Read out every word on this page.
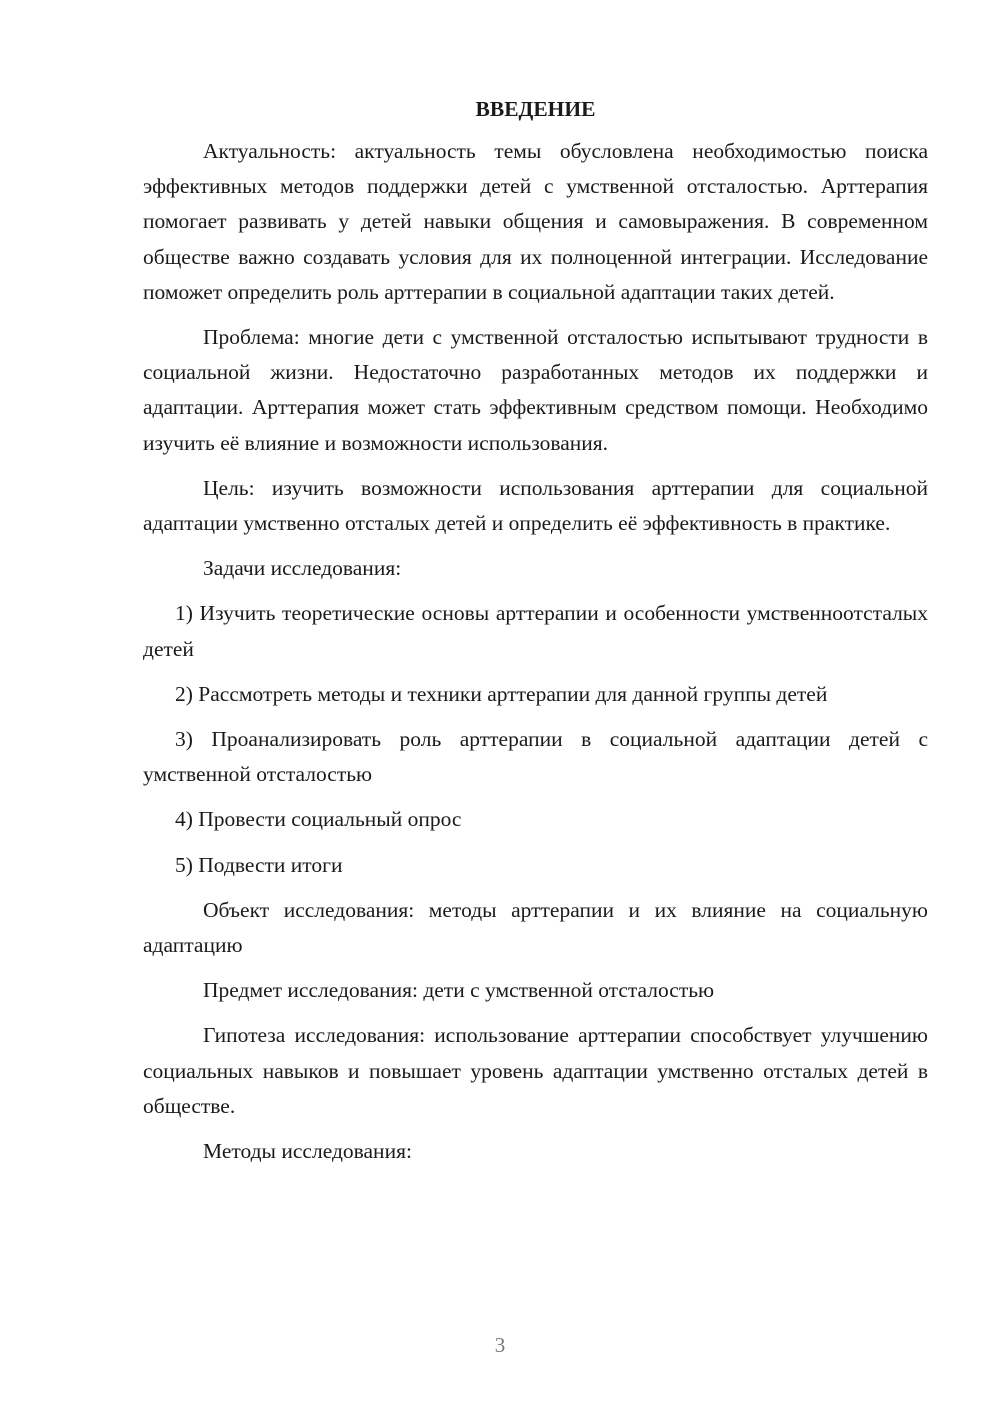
ВВЕДЕНИЕ

Актуальность: актуальность темы обусловлена необходимостью поиска эффективных методов поддержки детей с умственной отсталостью. Арттерапия помогает развивать у детей навыки общения и самовыражения. В современном обществе важно создавать условия для их полноценной интеграции. Исследование поможет определить роль арттерапии в социальной адаптации таких детей.

Проблема: многие дети с умственной отсталостью испытывают трудности в социальной жизни. Недостаточно разработанных методов их поддержки и адаптации. Арттерапия может стать эффективным средством помощи. Необходимо изучить её влияние и возможности использования.

Цель: изучить возможности использования арттерапии для социальной адаптации умственно отсталых детей и определить её эффективность в практике.

Задачи исследования:

1) Изучить теоретические основы арттерапии и особенности умственноотсталых детей

2) Рассмотреть методы и техники арттерапии для данной группы детей

3) Проанализировать роль арттерапии в социальной адаптации детей с умственной отсталостью

4) Провести социальный опрос

5) Подвести итоги

Объект исследования: методы арттерапии и их влияние на социальную адаптацию

Предмет исследования: дети с умственной отсталостью

Гипотеза исследования: использование арттерапии способствует улучшению социальных навыков и повышает уровень адаптации умственно отсталых детей в обществе.

Методы исследования:

3
